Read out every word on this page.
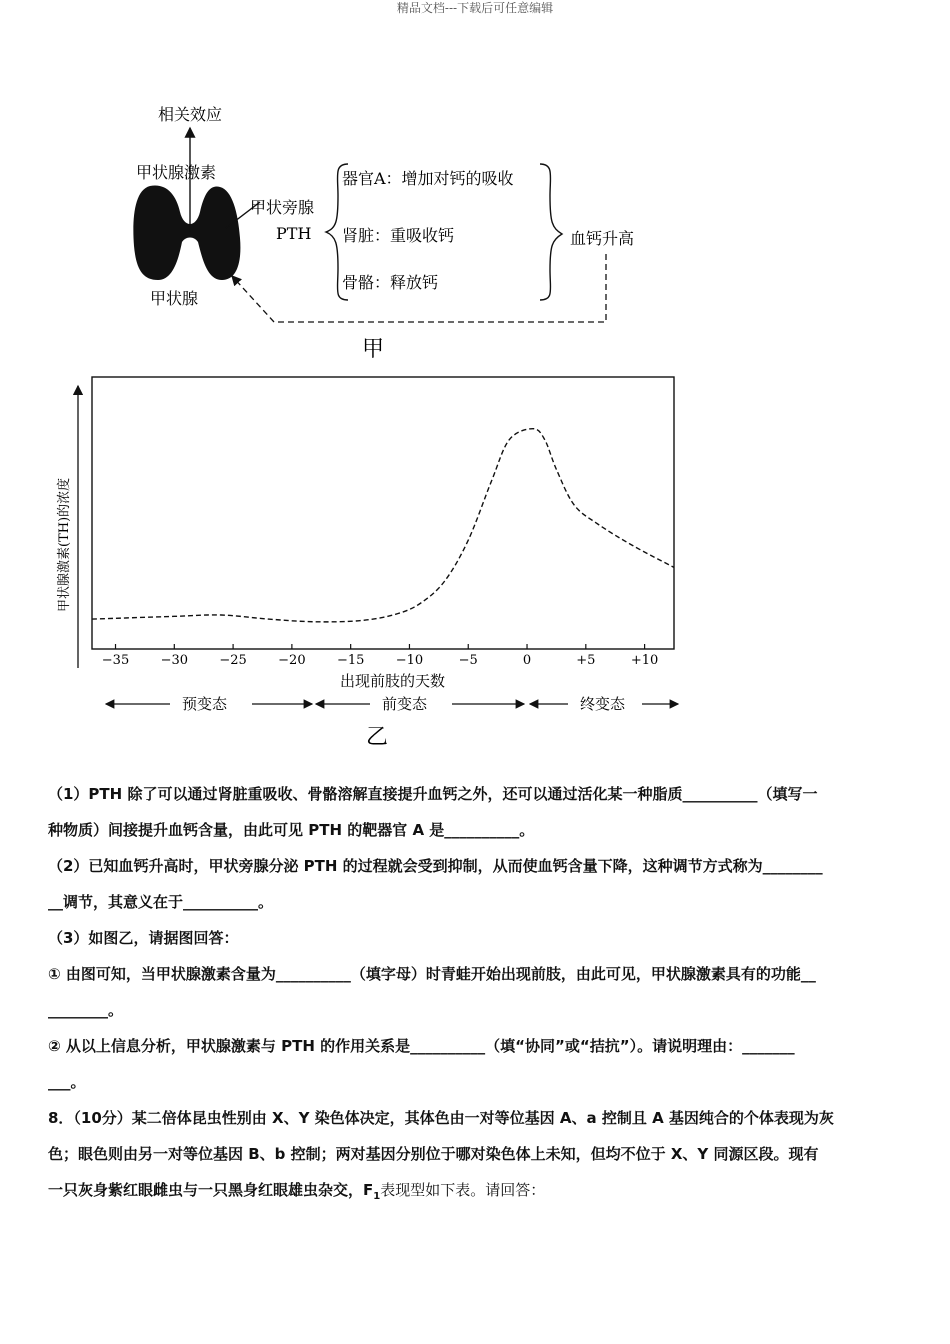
精品文档---下载后可任意编辑
相关效应
甲状腺激素
甲状旁腺
PTH
甲状腺
器官A：增加对钙的吸收
肾脏：重吸收钙
骨骼：释放钙
血钙升高
甲
甲状腺激素(TH)的浓度
出现前肢的天数
−35 −30 −25 −20 −15 −10	−5	0	+5	+10
预变态	前变态	终变态
乙

（1）PTH 除了可以通过肾脏重吸收、骨骼溶解直接提升血钙之外，还可以通过活化某一种脂质__________（填写一

种物质）间接提升血钙含量，由此可见 PTH 的靶器官 A 是__________。

（2）已知血钙升高时，甲状旁腺分泌 PTH 的过程就会受到抑制，从而使血钙含量下降，这种调节方式称为________

__调节，其意义在于__________。

（3）如图乙，请据图回答：

① 由图可知，当甲状腺激素含量为__________（填字母）时青蛙开始出现前肢，由此可见，甲状腺激素具有的功能__

________。

② 从以上信息分析，甲状腺激素与 PTH 的作用关系是__________（填“协同”或“拮抗”）。请说明理由：_______

___。

8．（10分）某二倍体昆虫性别由 X、Y 染色体决定，其体色由一对等位基因 A、a 控制且 A 基因纯合的个体表现为灰

色；眼色则由另一对等位基因 B、b 控制；两对基因分别位于哪对染色体上未知，但均不位于 X、Y 同源区段。现有

一只灰身紫红眼雌虫与一只黑身红眼雄虫杂交，$F_1$表现型如下表。请回答：
